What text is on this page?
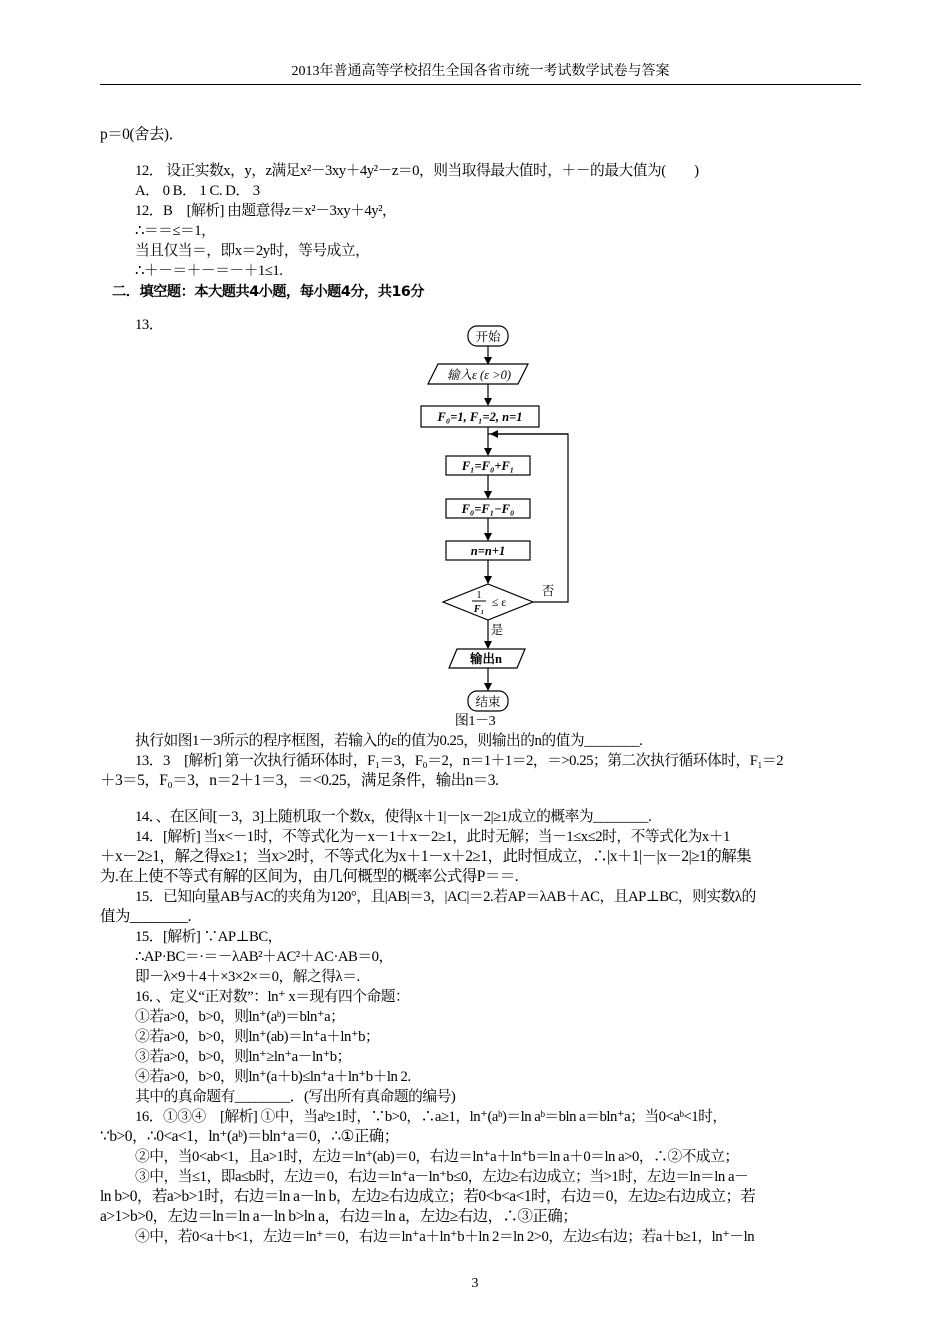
2013年普通高等学校招生全国各省市统一考试数学试卷与答案
p＝0(舍去)．
12． 设正实数x，y，z满足x²－3xy＋4y²－z＝0，则当取得最大值时，＋－的最大值为(　　)
A． 0 B． 1 C. D． 3
12．B　[解析] 由题意得z＝x²－3xy＋4y²，
∴＝＝≤＝1，
当且仅当＝，即x＝2y时，等号成立，
∴＋－＝＋－＝－＋1≤1.
二．填空题：本大题共4小题，每小题4分，共16分
13．
开始
输入ε (ε >0)
F₀=1, F₁=2, n=1
F₁=F₀+F₁
F₀=F₁−F₀
n=n+1
1
F₁
≤ ε
否
是
输出n
结束
图1－3
执行如图1－3所示的程序框图，若输入的ε的值为0.25，则输出的n的值为________.
13．3　[解析] 第一次执行循环体时，F₁＝3，F₀＝2，n＝1＋1＝2，＝>0.25；第二次执行循环体时，F₁＝2
＋3＝5，F₀＝3，n＝2＋1＝3，＝<0.25，满足条件，输出n＝3.
14．、在区间[－3，3]上随机取一个数x，使得|x＋1|－|x－2|≥1成立的概率为________.
14．[解析] 当x<－1时，不等式化为－x－1＋x－2≥1，此时无解；当－1≤x≤2时，不等式化为x＋1
＋x－2≥1，解之得x≥1；当x>2时，不等式化为x＋1－x＋2≥1，此时恒成立，∴|x＋1|－|x－2|≥1的解集
为.在上使不等式有解的区间为，由几何概型的概率公式得P＝＝.
15．已知向量AB与AC的夹角为120°，且|AB|＝3，|AC|＝2.若AP＝λAB＋AC，且AP⊥BC，则实数λ的
值为________.
15．[解析] ∵AP⊥BC，
∴AP·BC＝·＝－λAB²＋AC²＋AC·AB＝0，
即－λ×9＋4＋×3×2×＝0，解之得λ＝.
16．、定义“正对数”：ln⁺ x＝现有四个命题：
①若a>0，b>0，则ln⁺(aᵇ)＝bln⁺a；
②若a>0，b>0，则ln⁺(ab)＝ln⁺a＋ln⁺b；
③若a>0，b>0，则ln⁺≥ln⁺a－ln⁺b；
④若a>0，b>0，则ln⁺(a＋b)≤ln⁺a＋ln⁺b＋ln 2.
其中的真命题有________．(写出所有真命题的编号)
16．①③④　[解析] ①中，当aᵇ≥1时，∵b>0，∴a≥1，ln⁺(aᵇ)＝ln aᵇ＝bln a＝bln⁺a；当0<aᵇ<1时，
∵b>0，∴0<a<1，ln⁺(aᵇ)＝bln⁺a＝0，∴①正确；
②中，当0<ab<1，且a>1时，左边＝ln⁺(ab)＝0，右边＝ln⁺a＋ln⁺b＝ln a＋0＝ln a>0，∴②不成立；
③中，当≤1，即a≤b时，左边＝0，右边＝ln⁺a－ln⁺b≤0，左边≥右边成立；当>1时，左边＝ln＝ln a－
ln b>0，若a>b>1时，右边＝ln a－ln b，左边≥右边成立；若0<b<a<1时，右边＝0，左边≥右边成立；若
a>1>b>0，左边＝ln＝ln a－ln b>ln a，右边＝ln a，左边≥右边，∴③正确；
④中，若0<a＋b<1，左边＝ln⁺＝0，右边＝ln⁺a＋ln⁺b＋ln 2＝ln 2>0，左边≤右边；若a＋b≥1，ln⁺－ln
3
